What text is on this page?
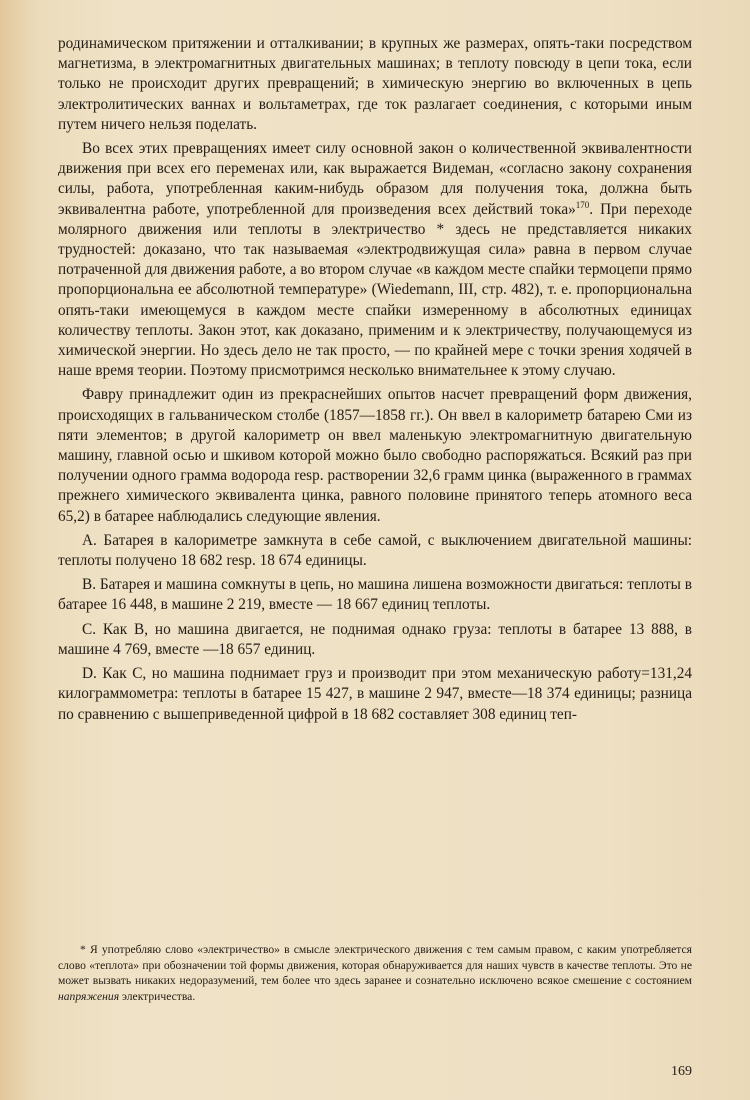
родинамическом притяжении и отталкивании; в крупных же размерах, опять-таки посредством магнетизма, в электромагнитных двигательных машинах; в теплоту повсюду в цепи тока, если только не происходит других превращений; в химическую энергию во включенных в цепь электролитических ваннах и вольтаметрах, где ток разлагает соединения, с которыми иным путем ничего нельзя поделать.

Во всех этих превращениях имеет силу основной закон о количественной эквивалентности движения при всех его переменах или, как выражается Видеман, «согласно закону сохранения силы, работа, употребленная каким-нибудь образом для получения тока, должна быть эквивалентна работе, употребленной для произведения всех действий тока»$^{170}$. При переходе молярного движения или теплоты в электричество * здесь не представляется никаких трудностей: доказано, что так называемая «электродвижущая сила» равна в первом случае потраченной для движения работе, а во втором случае «в каждом месте спайки термоцепи прямо пропорциональна ее абсолютной температуре» (Wiedemann, III, стр. 482), т. е. пропорциональна опять-таки имеющемуся в каждом месте спайки измеренному в абсолютных единицах количеству теплоты. Закон этот, как доказано, применим и к электричеству, получающемуся из химической энергии. Но здесь дело не так просто, — по крайней мере с точки зрения ходячей в наше время теории. Поэтому присмотримся несколько внимательнее к этому случаю.

Фавру принадлежит один из прекраснейших опытов насчет превращений форм движения, происходящих в гальваническом столбе (1857—1858 гг.). Он ввел в калориметр батарею Сми из пяти элементов; в другой калориметр он ввел маленькую электромагнитную двигательную машину, главной осью и шкивом которой можно было свободно распоряжаться. Всякий раз при получении одного грамма водорода resp. растворении 32,6 грамм цинка (выраженного в граммах прежнего химического эквивалента цинка, равного половине принятого теперь атомного веса 65,2) в батарее наблюдались следующие явления.

A. Батарея в калориметре замкнута в себе самой, с выключением двигательной машины: теплоты получено 18 682 resp. 18 674 единицы.

B. Батарея и машина сомкнуты в цепь, но машина лишена возможности двигаться: теплоты в батарее 16 448, в машине 2 219, вместе — 18 667 единиц теплоты.

C. Как B, но машина двигается, не поднимая однако груза: теплоты в батарее 13 888, в машине 4 769, вместе —18 657 единиц.

D. Как C, но машина поднимает груз и производит при этом механическую работу=131,24 килограммометра: теплоты в батарее 15 427, в машине 2 947, вместе—18 374 единицы; разница по сравнению с вышеприведенной цифрой в 18 682 составляет 308 единиц теп-

* Я употребляю слово «электричество» в смысле электрического движения с тем самым правом, с каким употребляется слово «теплота» при обозначении той формы движения, которая обнаруживается для наших чувств в качестве теплоты. Это не может вызвать никаких недоразумений, тем более что здесь заранее и сознательно исключено всякое смешение с состоянием напряжения электричества.

169
